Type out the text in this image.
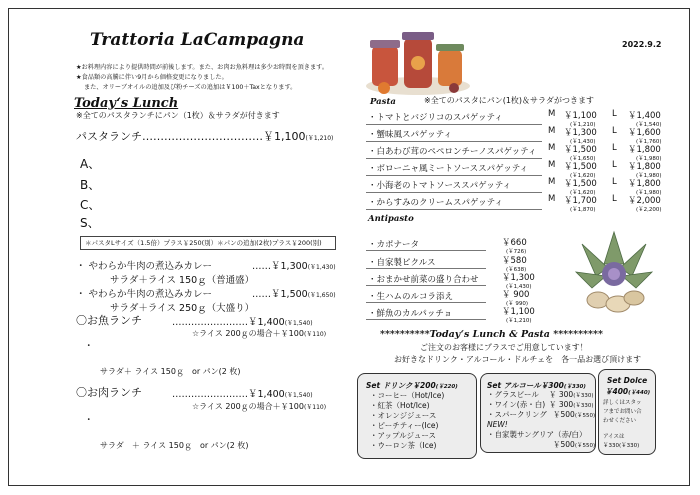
Trattoria LaCampagna	2022.9.2
★お料理内容により提供時間が前後します。また、お肉お魚料理は多少お時間を頂きます。
★食品類の高騰に伴い9月から価格変更になりました。
また、オリーブオイルの追加及び粉チーズの追加は￥100＋Taxとなります。
Today‘s Lunch
※全てのパスタランチにパン（1枚）＆サラダが付きます
パスタランチ……………………………￥1,100(￥1,210)
A、
B、
C、
S、
＊パスタLサイズ（1.5倍）プラス￥250(別）＊パンの追加(2枚)プラス￥200(別)
・ やわらか牛肉の煮込みカレー	……￥1,300(￥1,430)
サラダ＋ライス 150ｇ（普通盛）
・ やわらか牛肉の煮込みカレー	……￥1,500(￥1,650)
サラダ＋ライス 250ｇ（大盛り）
〇お魚ランチ	……………………￥1,400(￥1,540)
☆ライス 200ｇの場合＋￥100(￥110)
・
サラダ＋ ライス 150ｇ　or パン(2 枚)
〇お肉ランチ	……………………￥1,400(￥1,540)
☆ライス 200ｇの場合＋￥100(￥110)
・
サラダ　＋ ライス 150ｇ　or パン(2 枚)
Pasta	※全てのパスタにパン(1枚)＆サラダがつきます
・トマトとバジリコのスパゲッティ	M ￥1,100
(￥1,210)
L ￥1,400
(￥1,540)
・蟹味風スパゲッティ	M ￥1,300
(￥1,430)
L ￥1,600
(￥1,760)
・白あわび茸のペペロンチーノスパゲッティ M ￥1,500
(￥1,650)
L ￥1,800
(￥1,980)
・ボローニャ風ミートソーススパゲッティ M ￥1,500
(￥1,620)
L ￥1,800
(￥1,980)
・小海老のトマトソーススパゲッティ	M ￥1,500
(￥1,620)
L ￥1,800
(￥1,980)
・からすみのクリームスパゲッティ	M ￥1,700
(￥1,870)
L ￥2,000
(￥2,200)
Antipasto
・カポナータ	￥660
(￥726)
・自家製ピクルス	￥580
(￥638)
・おまかせ前菜の盛り合わせ	￥1,300
(￥1,430)
・生ハムのルコラ添え	￥ 900
(￥ 990)
・鮮魚のカルパッチョ	￥1,100
(￥1,210)
**********Today‘s Lunch & Pasta **********
ご注文のお客様にプラスでご用意しています！
お好きなドリンク・アルコール・ドルチェを　各一品お選び頂けます
Set ドリンク￥200(￥220)
・コーヒー（Hot/Ice)
・紅茶（Hot/Ice)
・オレンジジュース
・ピーチティー(Ice)
・アップルジュース
・ウーロン茶（Ice)
Set アルコール￥300(￥330)
・グラスビール ￥ 300(￥330)
・ワイン(赤・白) ￥ 300(￥330)
・スパークリング ￥500(￥550)
NEW!
・自家製サングリア（赤/白）
￥500(￥550)
Set Dolce
￥400(￥440)
詳しくはスタッ
フまでお問い合
わせください
アイスは
￥330(￥330)
